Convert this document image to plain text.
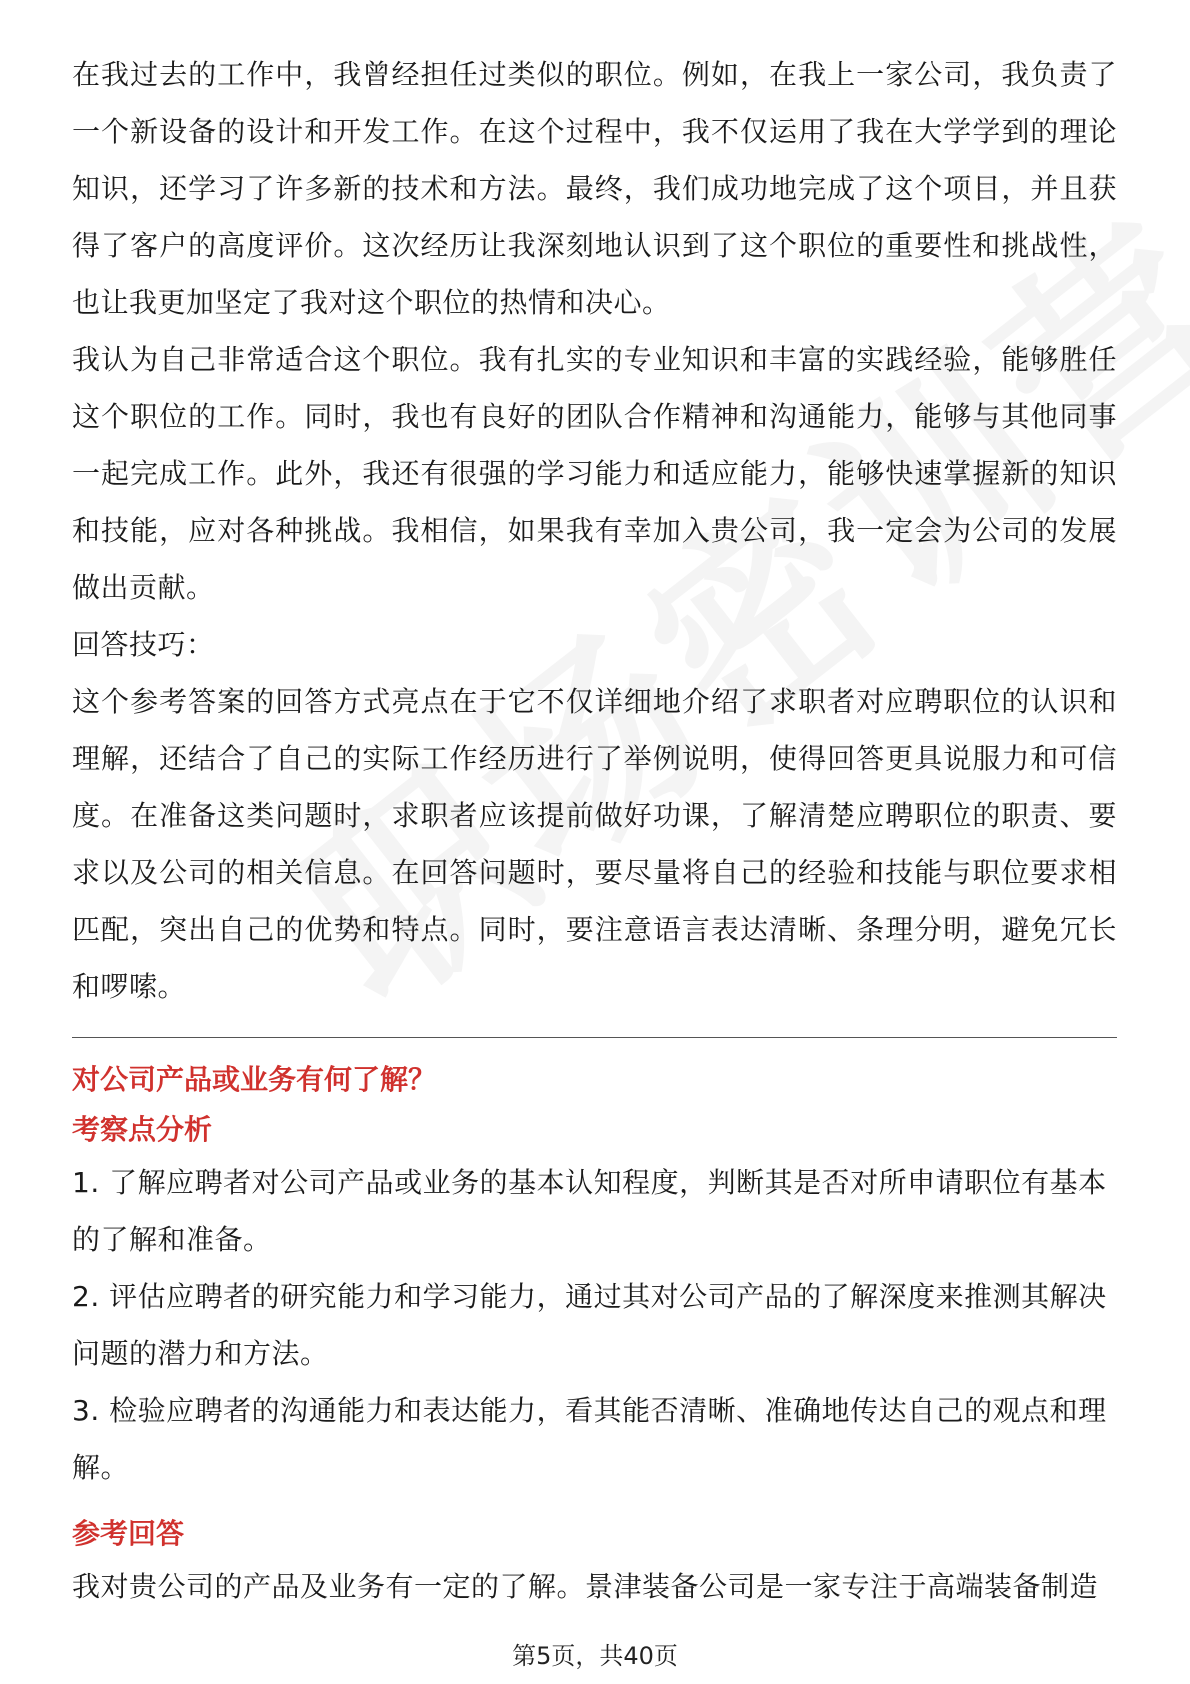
在我过去的工作中，我曾经担任过类似的职位。例如，在我上一家公司，我负责了一个新设备的设计和开发工作。在这个过程中，我不仅运用了我在大学学到的理论知识，还学习了许多新的技术和方法。最终，我们成功地完成了这个项目，并且获得了客户的高度评价。这次经历让我深刻地认识到了这个职位的重要性和挑战性，也让我更加坚定了我对这个职位的热情和决心。

我认为自己非常适合这个职位。我有扎实的专业知识和丰富的实践经验，能够胜任这个职位的工作。同时，我也有良好的团队合作精神和沟通能力，能够与其他同事一起完成工作。此外，我还有很强的学习能力和适应能力，能够快速掌握新的知识和技能，应对各种挑战。我相信，如果我有幸加入贵公司，我一定会为公司的发展做出贡献。

回答技巧：

这个参考答案的回答方式亮点在于它不仅详细地介绍了求职者对应聘职位的认识和理解，还结合了自己的实际工作经历进行了举例说明，使得回答更具说服力和可信度。在准备这类问题时，求职者应该提前做好功课，了解清楚应聘职位的职责、要求以及公司的相关信息。在回答问题时，要尽量将自己的经验和技能与职位要求相匹配，突出自己的优势和特点。同时，要注意语言表达清晰、条理分明，避免冗长和啰嗦。

对公司产品或业务有何了解？

考察点分析

1. 了解应聘者对公司产品或业务的基本认知程度，判断其是否对所申请职位有基本的了解和准备。

2. 评估应聘者的研究能力和学习能力，通过其对公司产品的了解深度来推测其解决问题的潜力和方法。

3. 检验应聘者的沟通能力和表达能力，看其能否清晰、准确地传达自己的观点和理解。

参考回答

我对贵公司的产品及业务有一定的了解。景津装备公司是一家专注于高端装备制造

第5页，共40页
